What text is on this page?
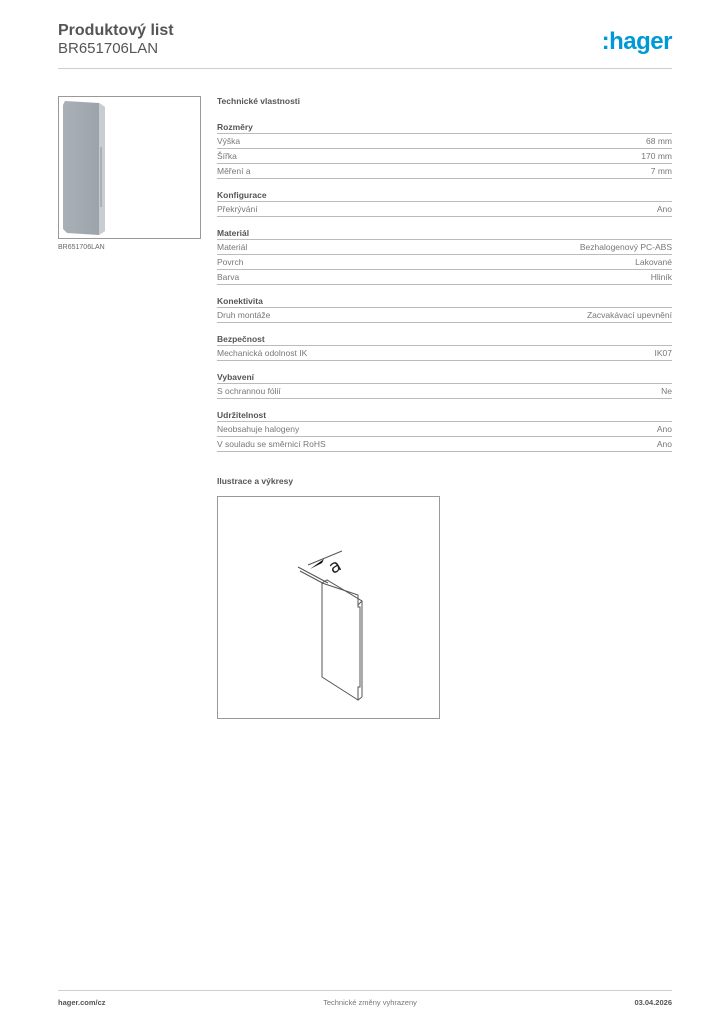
Produktový list
BR651706LAN	:hager
BR651706LAN
Technické vlastnosti
Rozměry
Výška	68 mm
Šířka	170 mm
Měření a	7 mm
Konfigurace
Překrývání	Ano
Materiál
Materiál	Bezhalogenový PC-ABS
Povrch	Lakované
Barva	Hliník
Konektivita
Druh montáže	Zacvakávací upevnění
Bezpečnost
Mechanická odolnost IK	IK07
Vybavení
S ochrannou fólií	Ne
Udržitelnost
Neobsahuje halogeny	Ano
V souladu se směrnicí RoHS	Ano
Ilustrace a výkresy
a
hager.com/cz	Technické změny vyhrazeny	03.04.2026
